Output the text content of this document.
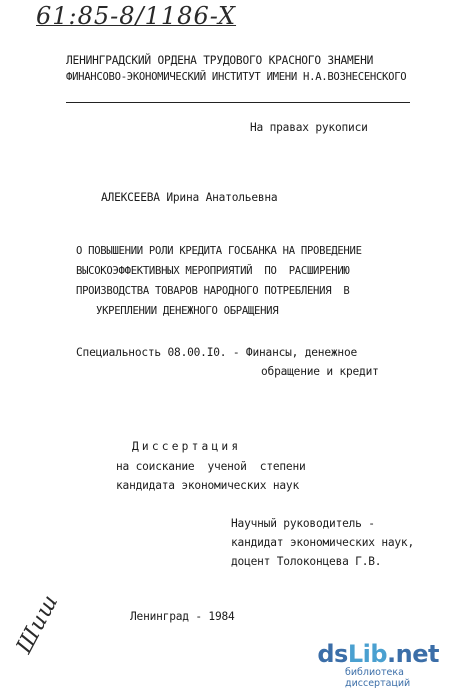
61:85-8/1186-X
ЛЕНИНГРАДСКИЙ ОРДЕНА ТРУДОВОГО КРАСНОГО ЗНАМЕНИ
ФИНАНСОВО-ЭКОНОМИЧЕСКИЙ ИНСТИТУТ ИМЕНИ Н.А.ВОЗНЕСЕНСКОГО
На правах рукописи
АЛЕКСЕЕВА Ирина Анатольевна
О ПОВЫШЕНИИ РОЛИ КРЕДИТА ГОСБАНКА НА ПРОВЕДЕНИЕ
ВЫСОКОЭФФЕКТИВНЫХ МЕРОПРИЯТИЙ  ПО  РАСШИРЕНИЮ
ПРОИЗВОДСТВА ТОВАРОВ НАРОДНОГО ПОТРЕБЛЕНИЯ  В
УКРЕПЛЕНИИ ДЕНЕЖНОГО ОБРАЩЕНИЯ
Специальность 08.00.I0. - Финансы, денежное
обращение и кредит
Диссертация
на соискание  ученой  степени
кандидата экономических наук
Научный руководитель -
кандидат экономических наук,
доцент Толоконцева Г.В.
Ленинград - 1984
Шиш	dsLib.net
библиотека диссертаций
